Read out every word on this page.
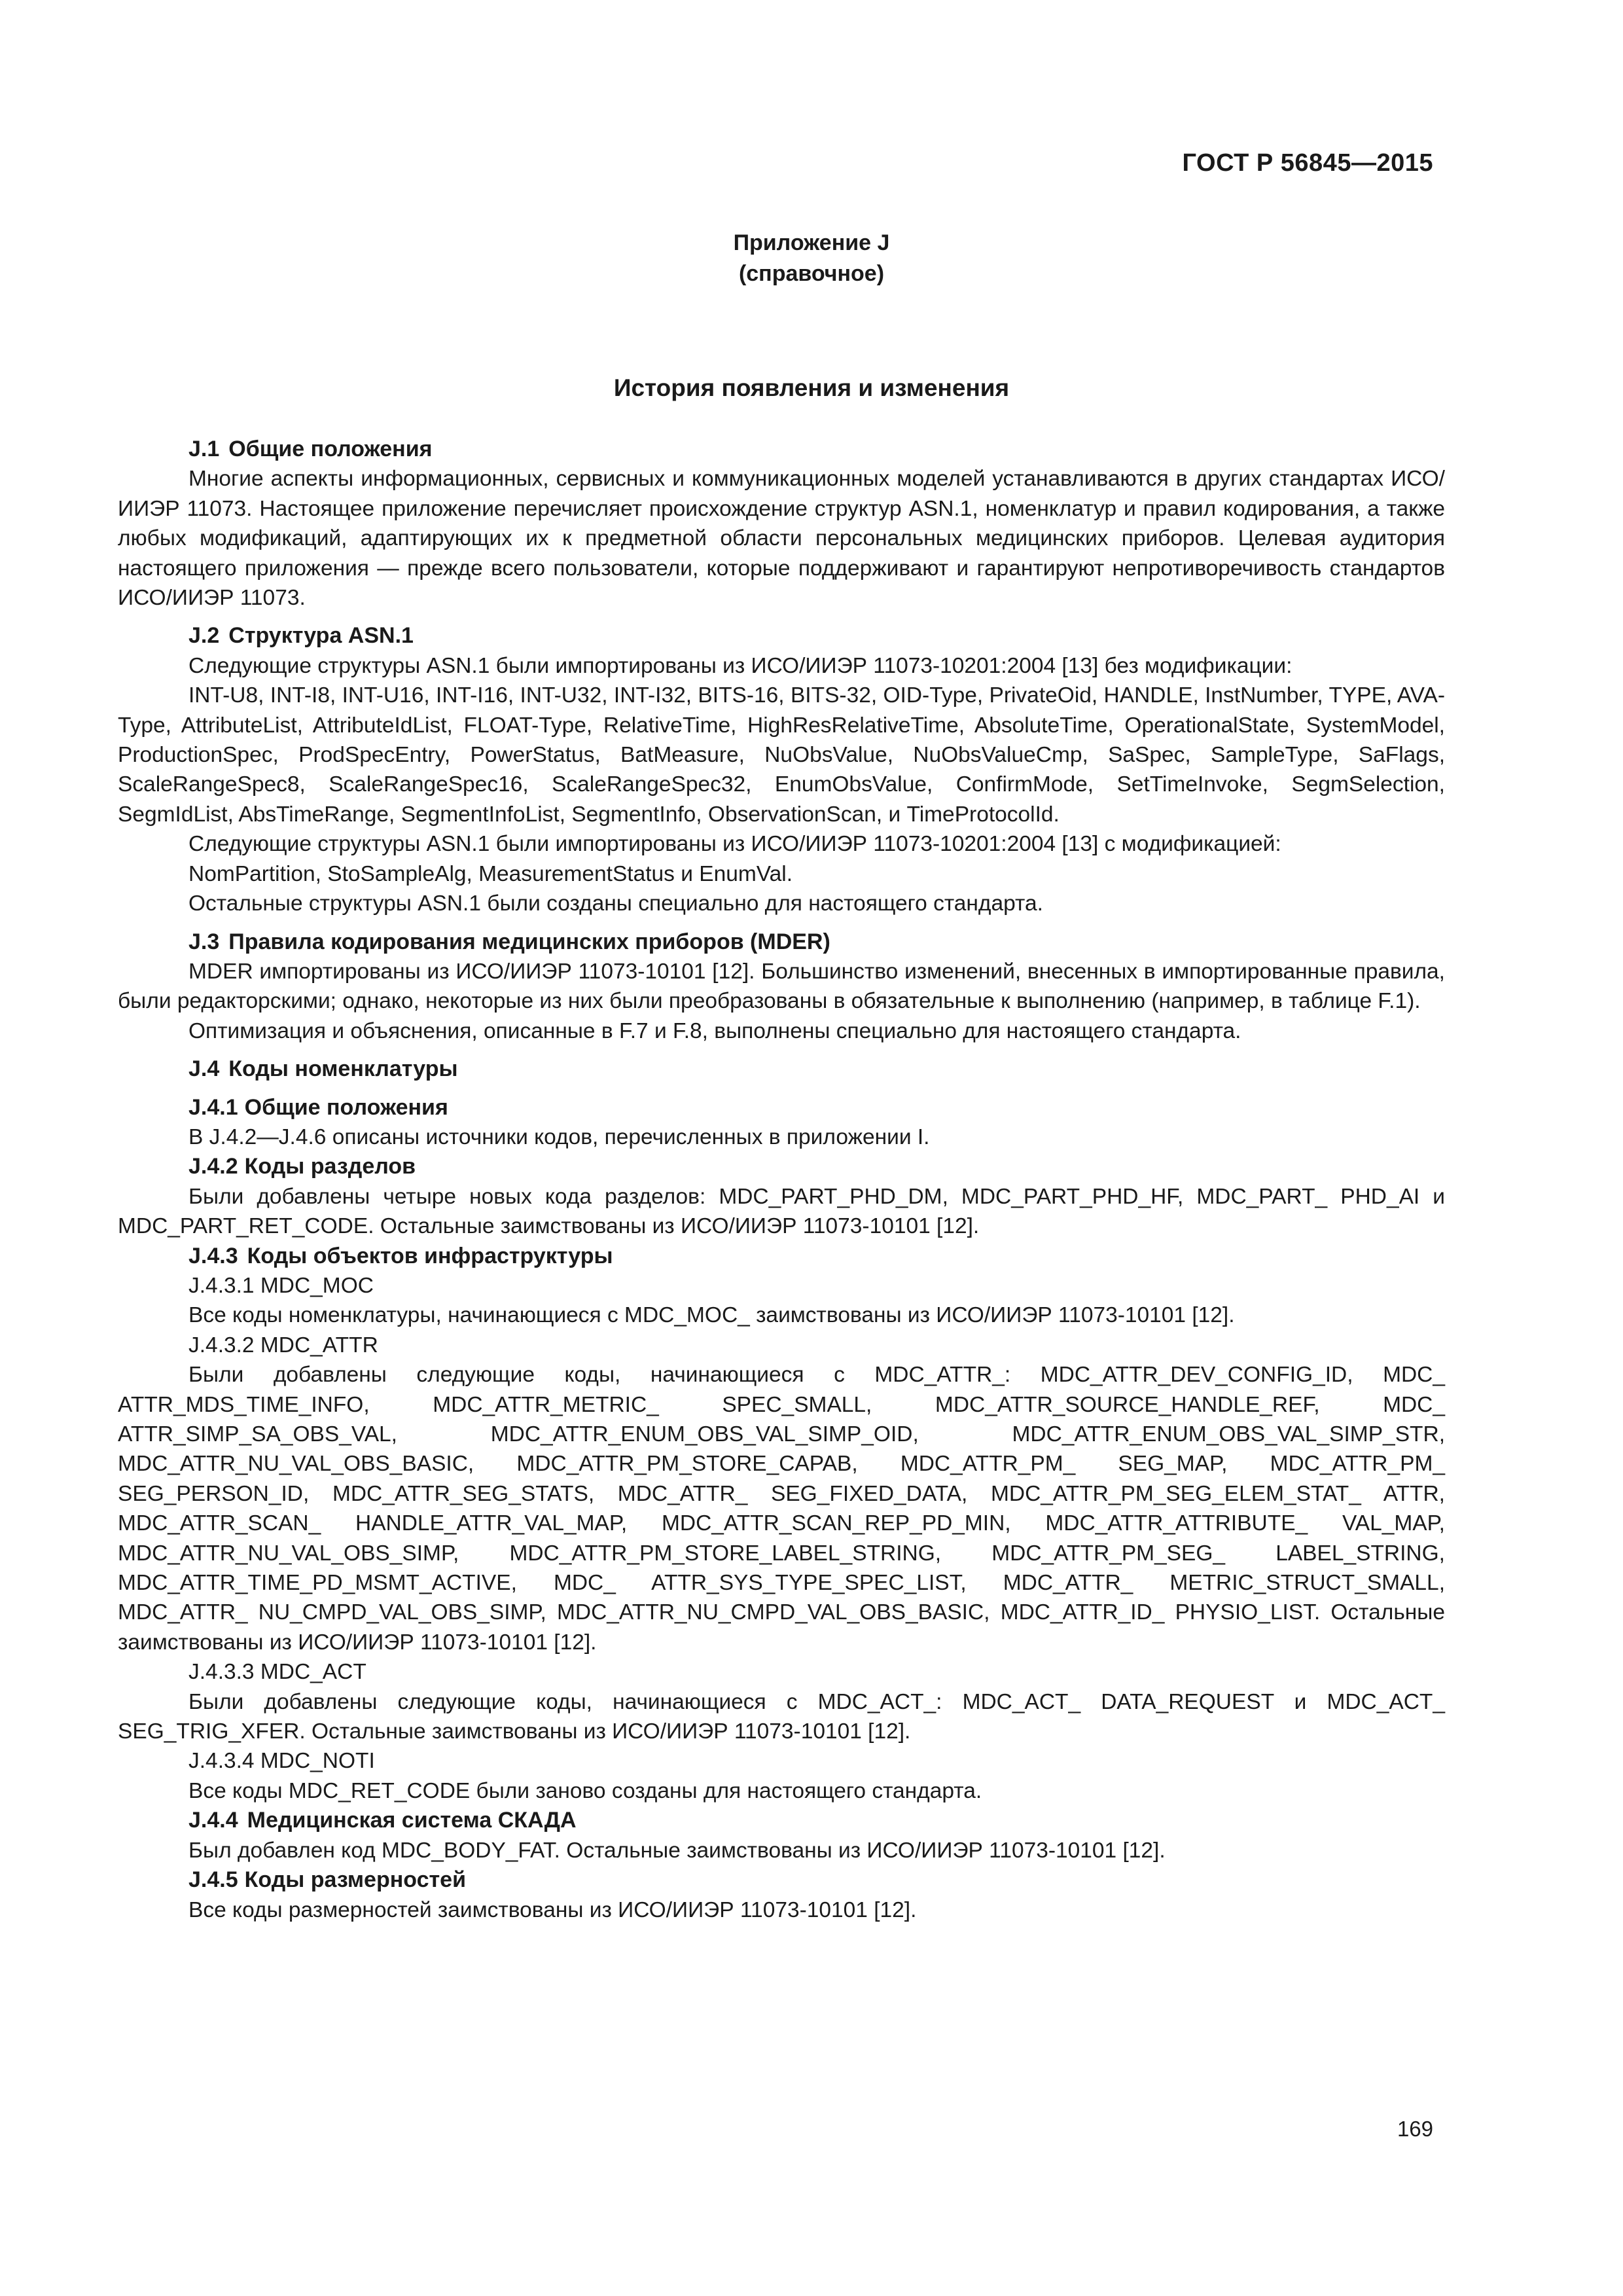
ГОСТ Р 56845—2015
Приложение J
(справочное)
История появления и изменения
J.1 Общие положения

Многие аспекты информационных, сервисных и коммуникационных моделей устанавливаются в других стандартах ИСО/ИИЭР 11073. Настоящее приложение перечисляет происхождение структур ASN.1, номенклатур и правил кодирования, а также любых модификаций, адаптирующих их к предметной области персональных медицинских приборов. Целевая аудитория настоящего приложения — прежде всего пользователи, которые поддерживают и гарантируют непротиворечивость стандартов ИСО/ИИЭР 11073.

J.2 Структура ASN.1

Следующие структуры ASN.1 были импортированы из ИСО/ИИЭР 11073-10201:2004 [13] без модификации:

INT-U8, INT-I8, INT-U16, INT-I16, INT-U32, INT-I32, BITS-16, BITS-32, OID-Type, PrivateOid, HANDLE, InstNumber, TYPE, AVA-Type, AttributeList, AttributeIdList, FLOAT-Type, RelativeTime, HighResRelativeTime, AbsoluteTime, OperationalState, SystemModel, ProductionSpec, ProdSpecEntry, PowerStatus, BatMeasure, NuObsValue, NuObsValueCmp, SaSpec, SampleType, SaFlags, ScaleRangeSpec8, ScaleRangeSpec16, ScaleRangeSpec32, EnumObsValue, ConfirmMode, SetTimeInvoke, SegmSelection, SegmIdList, AbsTimeRange, SegmentInfoList, SegmentInfo, ObservationScan, и TimeProtocolId.

Следующие структуры ASN.1 были импортированы из ИСО/ИИЭР 11073-10201:2004 [13] с модификацией:

NomPartition, StoSampleAlg, MeasurementStatus и EnumVal.

Остальные структуры ASN.1 были созданы специально для настоящего стандарта.

J.3 Правила кодирования медицинских приборов (MDER)

MDER импортированы из ИСО/ИИЭР 11073-10101 [12]. Большинство изменений, внесенных в импортированные правила, были редакторскими; однако, некоторые из них были преобразованы в обязательные к выполнению (например, в таблице F.1).

Оптимизация и объяснения, описанные в F.7 и F.8, выполнены специально для настоящего стандарта.

J.4 Коды номенклатуры
J.4.1 Общие положения

В J.4.2—J.4.6 описаны источники кодов, перечисленных в приложении I.

J.4.2 Коды разделов

Были добавлены четыре новых кода разделов: MDC_PART_PHD_DM, MDC_PART_PHD_HF, MDC_PART_ PHD_AI и MDC_PART_RET_CODE. Остальные заимствованы из ИСО/ИИЭР 11073-10101 [12].

J.4.3 Коды объектов инфраструктуры
J.4.3.1 MDC_MOC

Все коды номенклатуры, начинающиеся с MDC_MOC_ заимствованы из ИСО/ИИЭР 11073-10101 [12].

J.4.3.2 MDC_ATTR

Были добавлены следующие коды, начинающиеся с MDC_ATTR_: MDC_ATTR_DEV_CONFIG_ID, MDC_ ATTR_MDS_TIME_INFO, MDC_ATTR_METRIC_ SPEC_SMALL, MDC_ATTR_SOURCE_HANDLE_REF, MDC_ ATTR_SIMP_SA_OBS_VAL, MDC_ATTR_ENUM_OBS_VAL_SIMP_OID, MDC_ATTR_ENUM_OBS_VAL_SIMP_STR, MDC_ATTR_NU_VAL_OBS_BASIC, MDC_ATTR_PM_STORE_CAPAB, MDC_ATTR_PM_ SEG_MAP, MDC_ATTR_PM_ SEG_PERSON_ID, MDC_ATTR_SEG_STATS, MDC_ATTR_ SEG_FIXED_DATA, MDC_ATTR_PM_SEG_ELEM_STAT_ ATTR, MDC_ATTR_SCAN_ HANDLE_ATTR_VAL_MAP, MDC_ATTR_SCAN_REP_PD_MIN, MDC_ATTR_ATTRIBUTE_ VAL_MAP, MDC_ATTR_NU_VAL_OBS_SIMP, MDC_ATTR_PM_STORE_LABEL_STRING, MDC_ATTR_PM_SEG_ LABEL_STRING, MDC_ATTR_TIME_PD_MSMT_ACTIVE, MDC_ ATTR_SYS_TYPE_SPEC_LIST, MDC_ATTR_ METRIC_STRUCT_SMALL, MDC_ATTR_ NU_CMPD_VAL_OBS_SIMP, MDC_ATTR_NU_CMPD_VAL_OBS_BASIC, MDC_ATTR_ID_ PHYSIO_LIST. Остальные заимствованы из ИСО/ИИЭР 11073-10101 [12].

J.4.3.3 MDC_ACT

Были добавлены следующие коды, начинающиеся с MDC_ACT_: MDC_ACT_ DATA_REQUEST и MDC_ACT_ SEG_TRIG_XFER. Остальные заимствованы из ИСО/ИИЭР 11073-10101 [12].

J.4.3.4 MDC_NOTI

Все коды MDC_RET_CODE были заново созданы для настоящего стандарта.

J.4.4 Медицинская система СКАДА

Был добавлен код MDC_BODY_FAT. Остальные заимствованы из ИСО/ИИЭР 11073-10101 [12].

J.4.5 Коды размерностей

Все коды размерностей заимствованы из ИСО/ИИЭР 11073-10101 [12].

169
